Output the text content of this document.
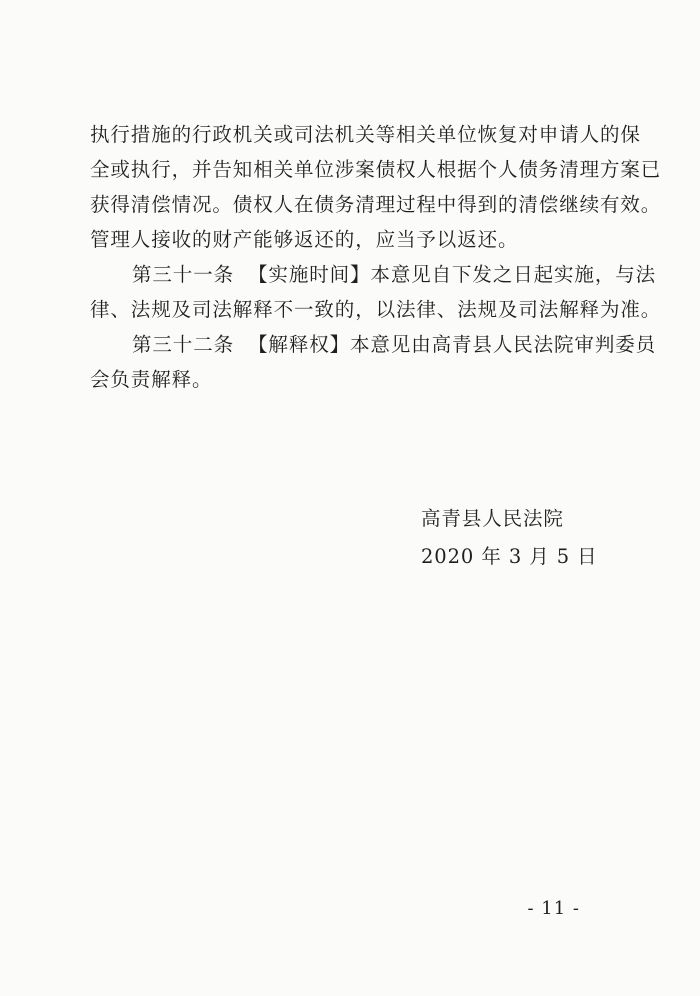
执行措施的行政机关或司法机关等相关单位恢复对申请人的保
全或执行，并告知相关单位涉案债权人根据个人债务清理方案已
获得清偿情况。债权人在债务清理过程中得到的清偿继续有效。
管理人接收的财产能够返还的，应当予以返还。
第三十一条 【实施时间】本意见自下发之日起实施，与法
律、法规及司法解释不一致的，以法律、法规及司法解释为准。
第三十二条 【解释权】本意见由高青县人民法院审判委员
会负责解释。
高青县人民法院
2020 年 3 月 5 日
- 11 -
